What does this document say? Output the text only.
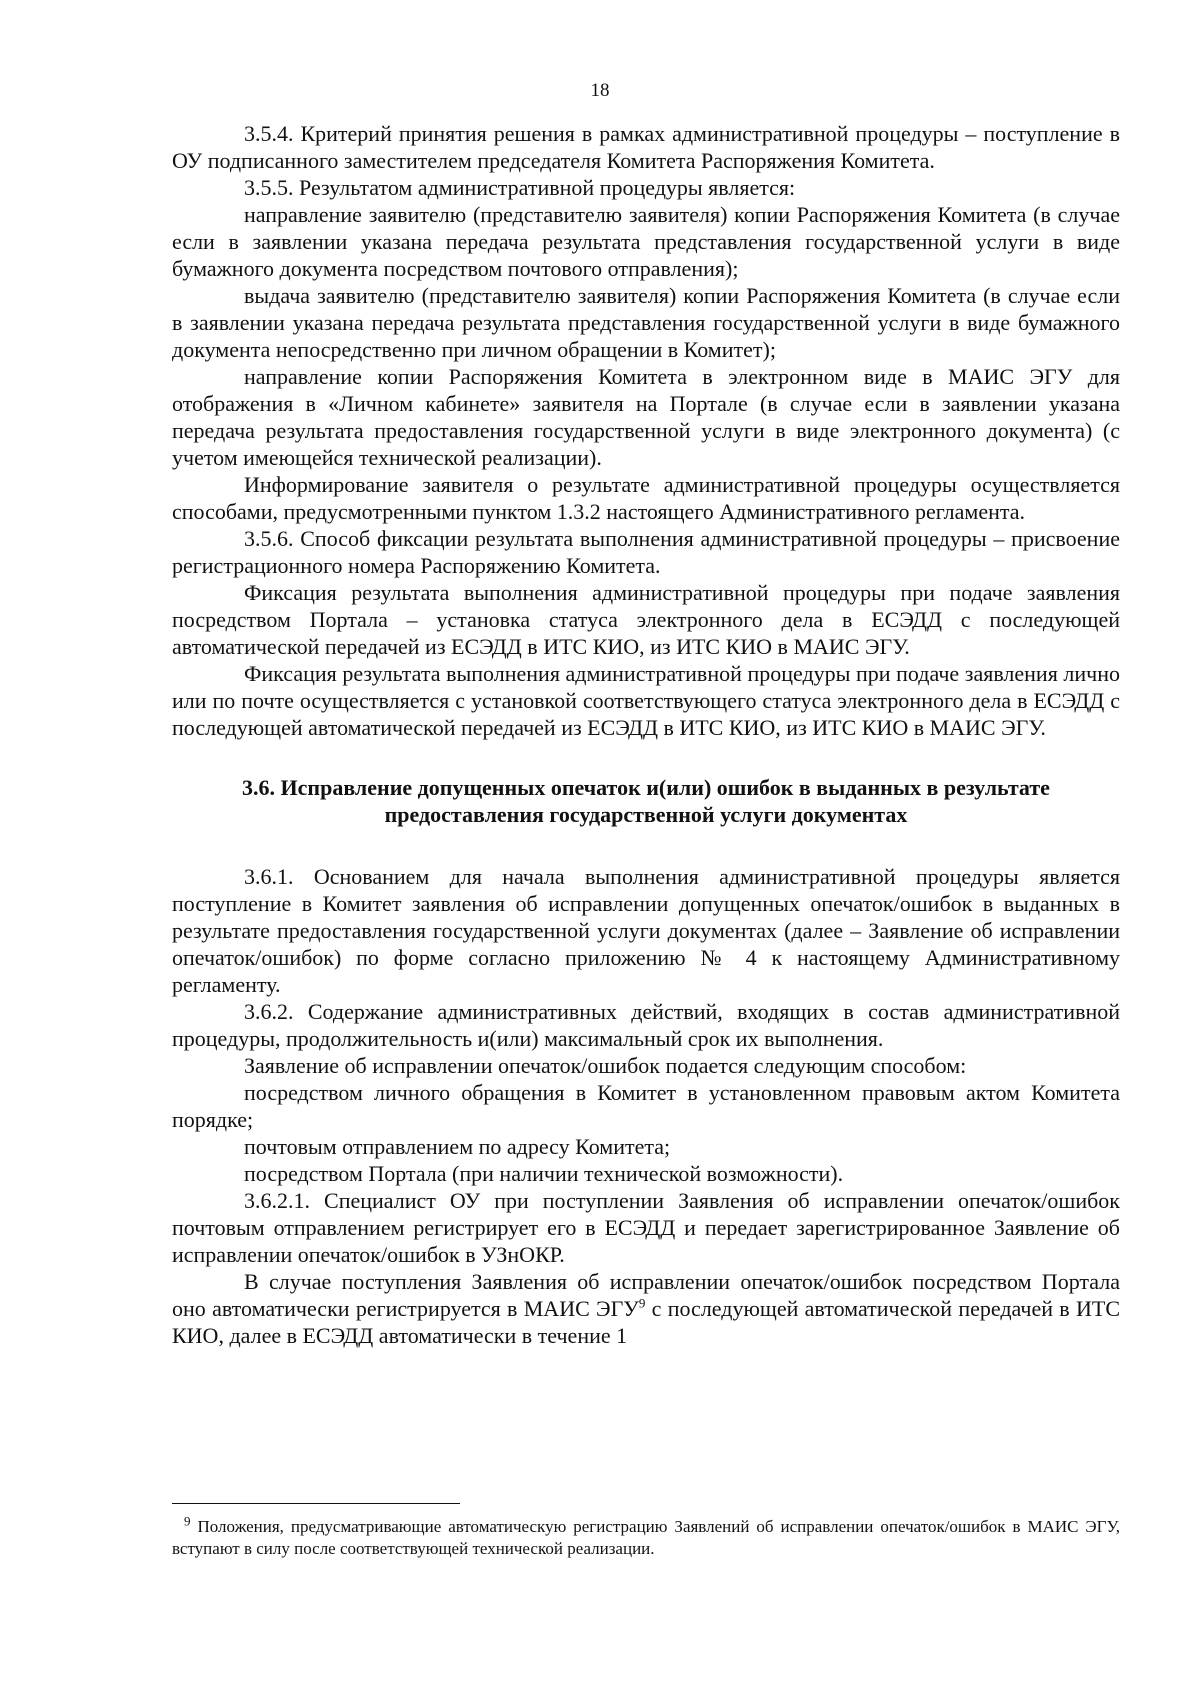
18

3.5.4. Критерий принятия решения в рамках административной процедуры – поступление в ОУ подписанного заместителем председателя Комитета Распоряжения Комитета.

3.5.5. Результатом административной процедуры является:

направление заявителю (представителю заявителя) копии Распоряжения Комитета (в случае если в заявлении указана передача результата представления государственной услуги в виде бумажного документа посредством почтового отправления);

выдача заявителю (представителю заявителя) копии Распоряжения Комитета (в случае если в заявлении указана передача результата представления государственной услуги в виде бумажного документа непосредственно при личном обращении в Комитет);

направление копии Распоряжения Комитета в электронном виде в МАИС ЭГУ для отображения в «Личном кабинете» заявителя на Портале (в случае если в заявлении указана передача результата предоставления государственной услуги в виде электронного документа) (с учетом имеющейся технической реализации).

Информирование заявителя о результате административной процедуры осуществляется способами, предусмотренными пунктом 1.3.2 настоящего Административного регламента.

3.5.6. Способ фиксации результата выполнения административной процедуры – присвоение регистрационного номера Распоряжению Комитета.

Фиксация результата выполнения административной процедуры при подаче заявления посредством Портала – установка статуса электронного дела в ЕСЭДД с последующей автоматической передачей из ЕСЭДД в ИТС КИО, из ИТС КИО в МАИС ЭГУ.

Фиксация результата выполнения административной процедуры при подаче заявления лично или по почте осуществляется с установкой соответствующего статуса электронного дела в ЕСЭДД с последующей автоматической передачей из ЕСЭДД в ИТС КИО, из ИТС КИО в МАИС ЭГУ.

3.6. Исправление допущенных опечаток и(или) ошибок в выданных в результате предоставления государственной услуги документах

3.6.1. Основанием для начала выполнения административной процедуры является поступление в Комитет заявления об исправлении допущенных опечаток/ошибок в выданных в результате предоставления государственной услуги документах (далее – Заявление об исправлении опечаток/ошибок) по форме согласно приложению № 4 к настоящему Административному регламенту.

3.6.2. Содержание административных действий, входящих в состав административной процедуры, продолжительность и(или) максимальный срок их выполнения.

Заявление об исправлении опечаток/ошибок подается следующим способом:

посредством личного обращения в Комитет в установленном правовым актом Комитета порядке;

почтовым отправлением по адресу Комитета;

посредством Портала (при наличии технической возможности).

3.6.2.1. Специалист ОУ при поступлении Заявления об исправлении опечаток/ошибок почтовым отправлением регистрирует его в ЕСЭДД и передает зарегистрированное Заявление об исправлении опечаток/ошибок в УЗнОКР.

В случае поступления Заявления об исправлении опечаток/ошибок посредством Портала оно автоматически регистрируется в МАИС ЭГУ$^9$ с последующей автоматической передачей в ИТС КИО, далее в ЕСЭДД автоматически в течение 1

$^9$ Положения, предусматривающие автоматическую регистрацию Заявлений об исправлении опечаток/ошибок в МАИС ЭГУ, вступают в силу после соответствующей технической реализации.
